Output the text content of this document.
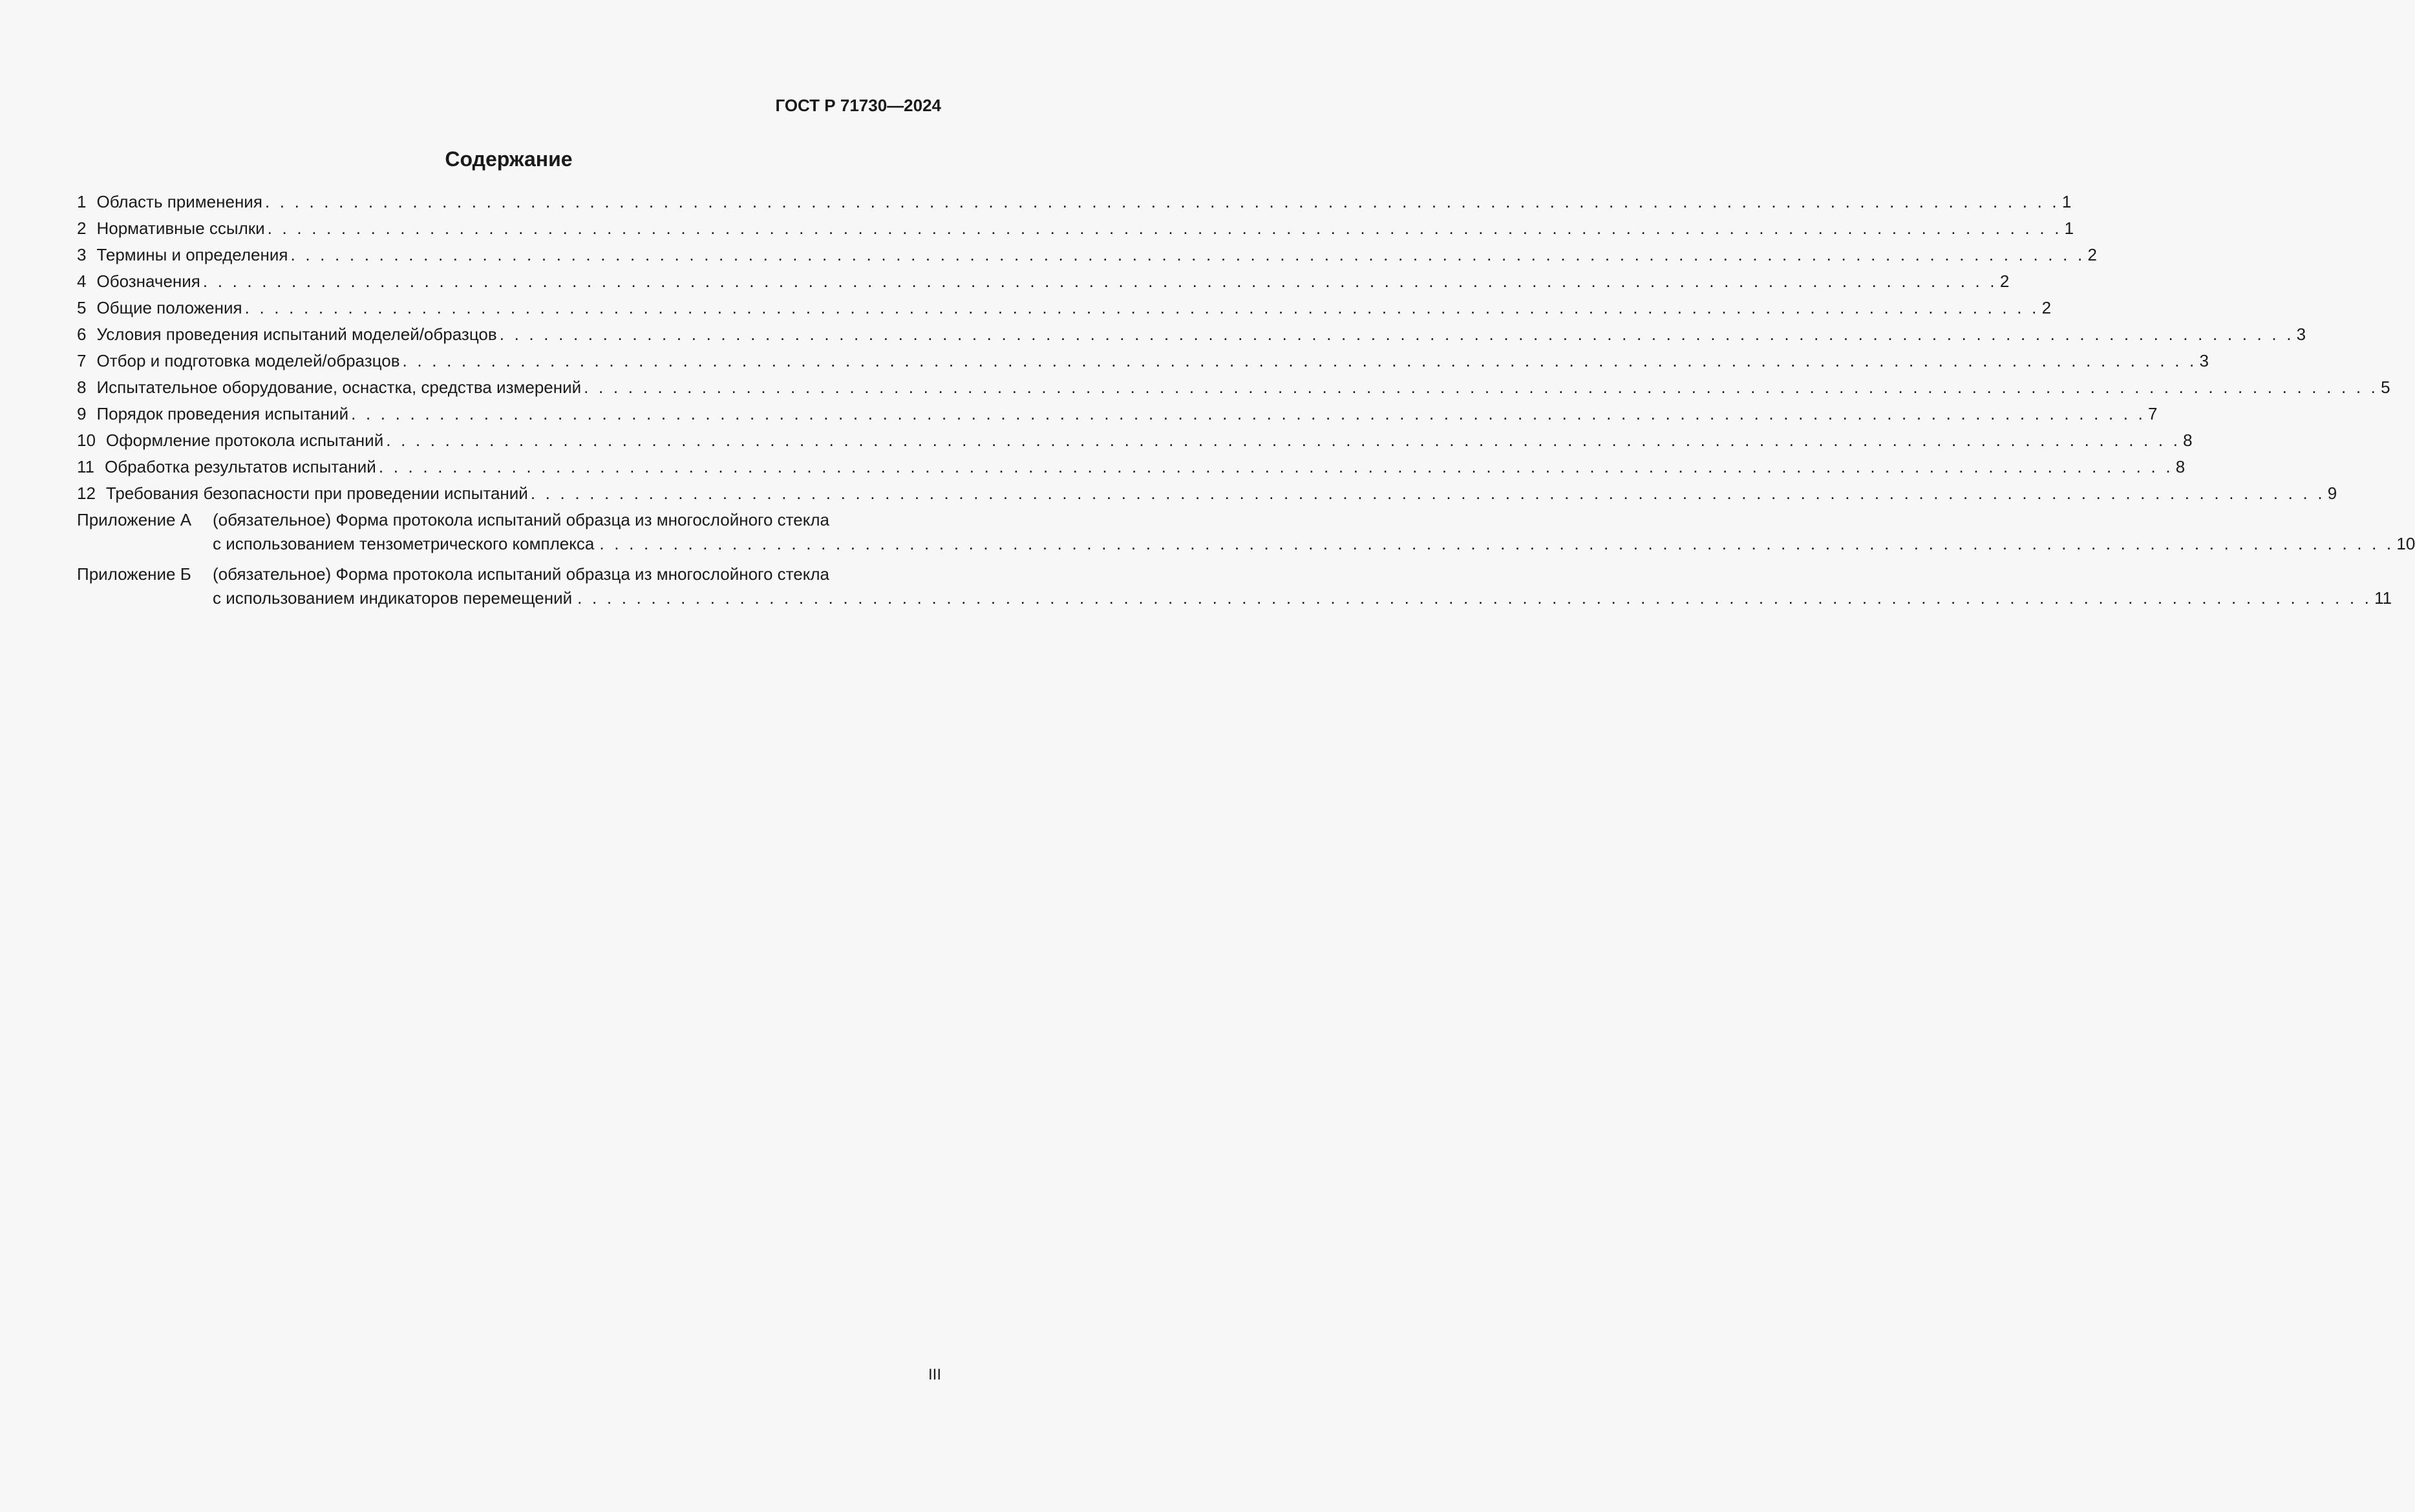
ГОСТ Р 71730—2024
Содержание
1 Область применения . . .	1
2 Нормативные ссылки . . .	1
3 Термины и определения . . .	2
4 Обозначения . . .	2
5 Общие положения . . .	2
6 Условия проведения испытаний моделей/образцов . . .	3
7 Отбор и подготовка моделей/образцов . . .	3
8 Испытательное оборудование, оснастка, средства измерений . . .	5
9 Порядок проведения испытаний . . .	7
10 Оформление протокола испытаний . . .	8
11 Обработка результатов испытаний . . .	8
12 Требования безопасности при проведении испытаний . . .	9
Приложение А	(обязательное) Форма протокола испытаний образца из многослойного стекла
с использованием тензометрического комплекса . . .	10
Приложение Б	(обязательное) Форма протокола испытаний образца из многослойного стекла
с использованием индикаторов перемещений . . .	11
III
